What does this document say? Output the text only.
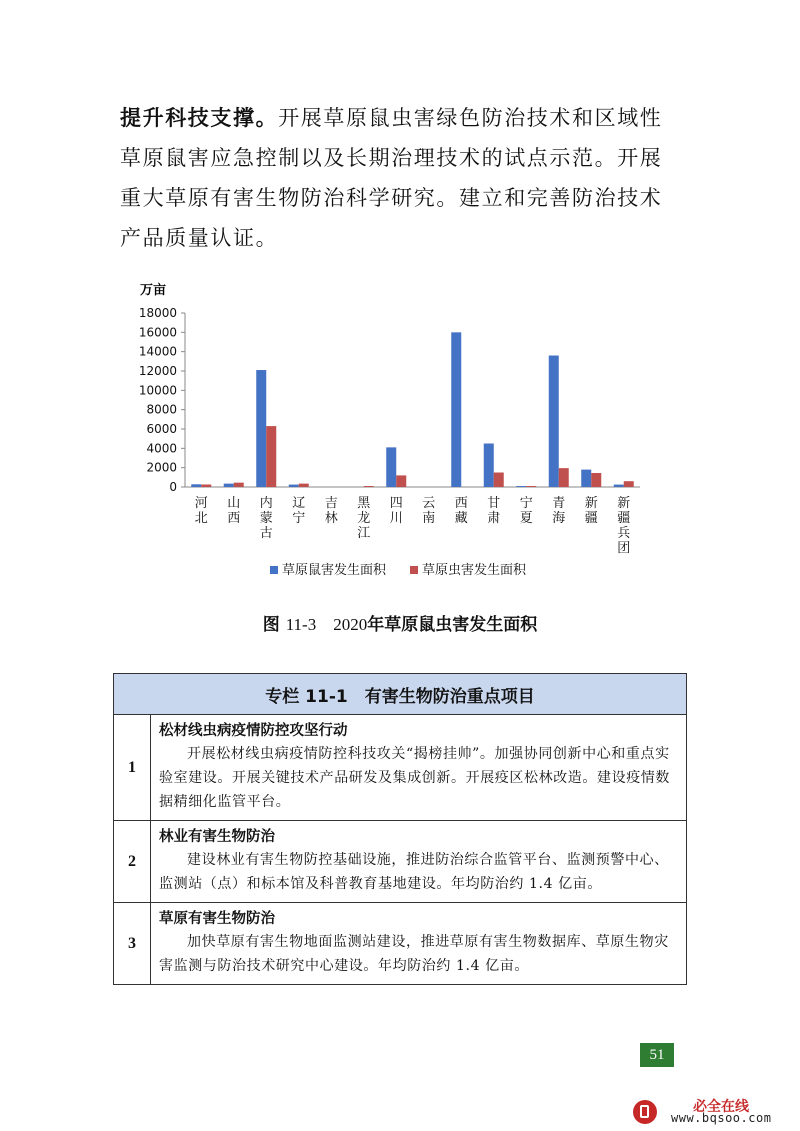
提升科技支撑。开展草原鼠虫害绿色防治技术和区域性草原鼠害应急控制以及长期治理技术的试点示范。开展重大草原有害生物防治科学研究。建立和完善防治技术产品质量认证。

万亩
0
2000
4000
6000
8000
10000
12000
14000
16000
18000
河
北
山
西
内
蒙
古
辽
宁
吉
林
黑
龙
江
四
川
云
南
西
藏
甘
肃
宁
夏
青
海
新
疆
新
疆
兵
团
草原鼠害发生面积	草原虫害发生面积
图 11-3　 2020年草原鼠虫害发生面积
专栏 11-1　有害生物防治重点项目	
1	松材线虫病疫情防控攻坚行动

开展松材线虫病疫情防控科技攻关“揭榜挂帅”。加强协同创新中心和重点实验室建设。开展关键技术产品研发及集成创新。开展疫区松林改造。建设疫情数据精细化监管平台。

2	林业有害生物防治

建设林业有害生物防控基础设施，推进防治综合监管平台、监测预警中心、监测站（点）和标本馆及科普教育基地建设。年均防治约 1.4 亿亩。

3	草原有害生物防治

加快草原有害生物地面监测站建设，推进草原有害生物数据库、草原生物灾害监测与防治技术研究中心建设。年均防治约 1.4 亿亩。

51
必全在线
www.bqsoo.com
